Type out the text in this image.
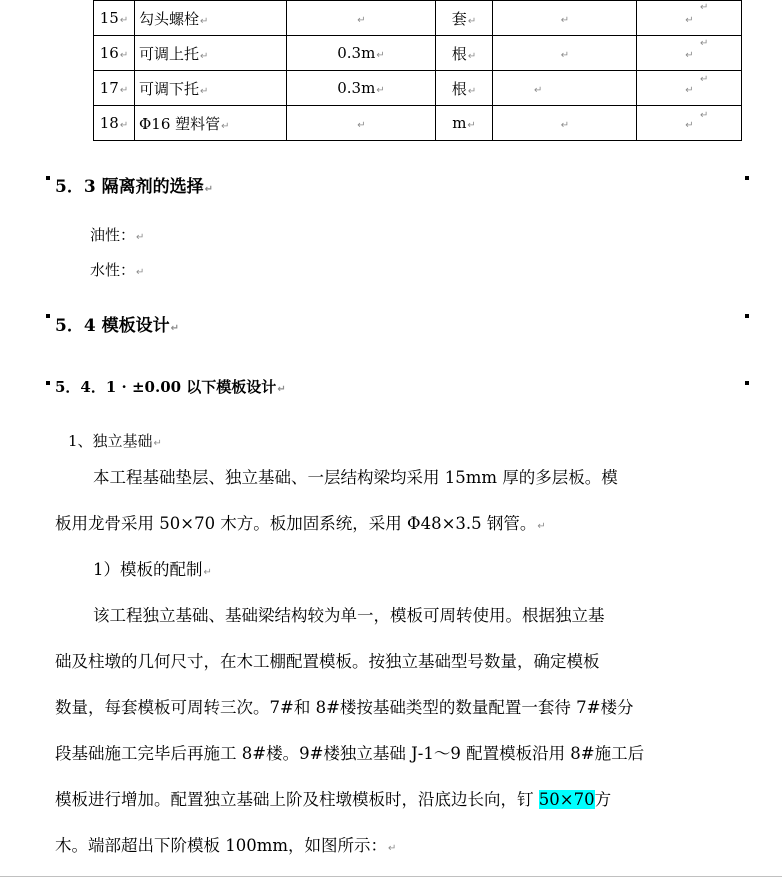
15↵	勾头螺栓↵	↵	套↵	↵	↵
16↵	可调上托↵	0.3m↵	根↵	↵	↵
17↵	可调下托↵	0.3m↵	根↵	↵	↵
18↵	Φ16 塑料管↵	↵	m↵	↵	↵
↵
↵
↵
↵
5．3 隔离剂的选择↵
油性：↵
水性：↵
5．4 模板设计↵
5．4．1 · ±0.00 以下模板设计↵
1、独立基础↵
本工程基础垫层、独立基础、一层结构梁均采用 15mm 厚的多层板。模
板用龙骨采用 50×70 木方。板加固系统，采用 Φ48×3.5 钢管。↵
1）模板的配制↵
该工程独立基础、基础梁结构较为单一，模板可周转使用。根据独立基
础及柱墩的几何尺寸，在木工棚配置模板。按独立基础型号数量，确定模板
数量，每套模板可周转三次。7#和 8#楼按基础类型的数量配置一套待 7#楼分
段基础施工完毕后再施工 8#楼。9#楼独立基础 J-1～9 配置模板沿用 8#施工后
模板进行增加。配置独立基础上阶及柱墩模板时，沿底边长向，钉 50×70方
木。端部超出下阶模板 100mm，如图所示：↵
